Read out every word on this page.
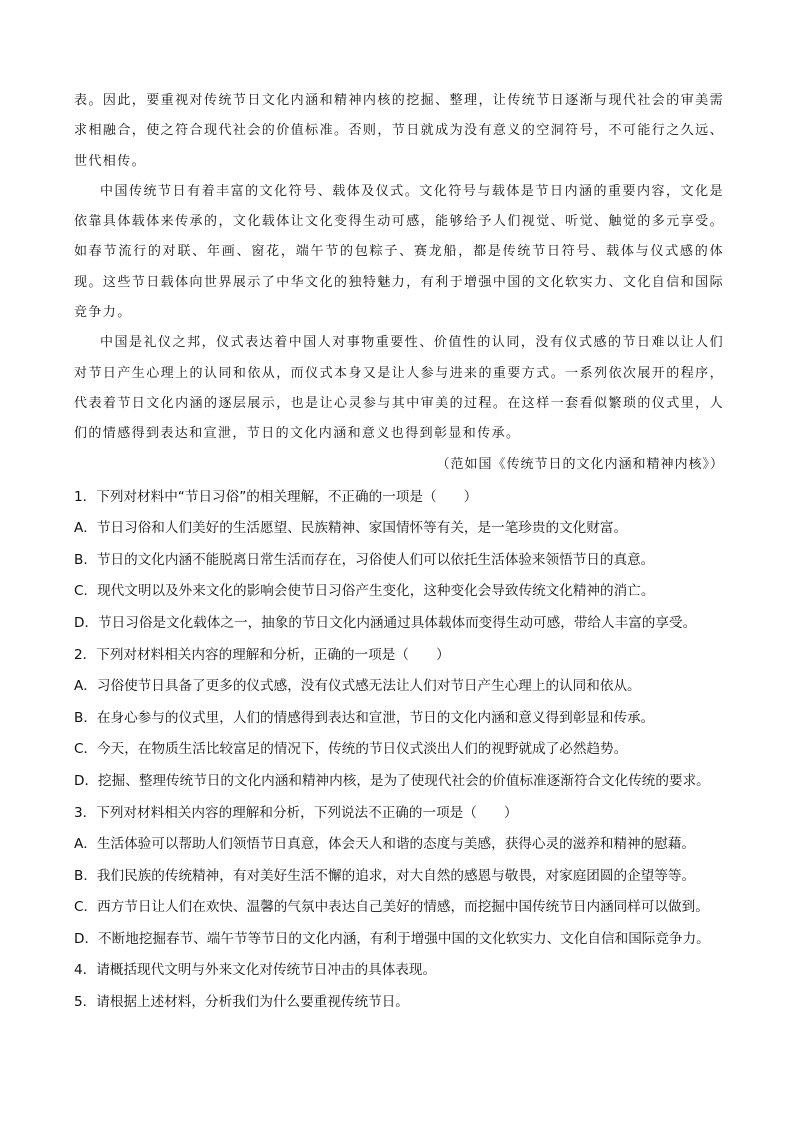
表。因此，要重视对传统节日文化内涵和精神内核的挖掘、整理，让传统节日逐渐与现代社会的审美需求相融合，使之符合现代社会的价值标准。否则，节日就成为没有意义的空洞符号，不可能行之久远、世代相传。

中国传统节日有着丰富的文化符号、载体及仪式。文化符号与载体是节日内涵的重要内容，文化是依靠具体载体来传承的，文化载体让文化变得生动可感，能够给予人们视觉、听觉、触觉的多元享受。如春节流行的对联、年画、窗花，端午节的包粽子、赛龙船，都是传统节日符号、载体与仪式感的体现。这些节日载体向世界展示了中华文化的独特魅力，有利于增强中国的文化软实力、文化自信和国际竞争力。

中国是礼仪之邦，仪式表达着中国人对事物重要性、价值性的认同，没有仪式感的节日难以让人们对节日产生心理上的认同和依从，而仪式本身又是让人参与进来的重要方式。一系列依次展开的程序，代表着节日文化内涵的逐层展示，也是让心灵参与其中审美的过程。在这样一套看似繁琐的仪式里，人们的情感得到表达和宣泄，节日的文化内涵和意义也得到彰显和传承。

（范如国《传统节日的文化内涵和精神内核》）

1．下列对材料中“节日习俗”的相关理解，不正确的一项是（　　）

A．节日习俗和人们美好的生活愿望、民族精神、家国情怀等有关，是一笔珍贵的文化财富。

B．节日的文化内涵不能脱离日常生活而存在，习俗使人们可以依托生活体验来领悟节日的真意。

C．现代文明以及外来文化的影响会使节日习俗产生变化，这种变化会导致传统文化精神的消亡。

D．节日习俗是文化载体之一，抽象的节日文化内涵通过具体载体而变得生动可感，带给人丰富的享受。

2．下列对材料相关内容的理解和分析，正确的一项是（　　）

A．习俗使节日具备了更多的仪式感，没有仪式感无法让人们对节日产生心理上的认同和依从。

B．在身心参与的仪式里，人们的情感得到表达和宣泄，节日的文化内涵和意义得到彰显和传承。

C．今天，在物质生活比较富足的情况下，传统的节日仪式淡出人们的视野就成了必然趋势。

D．挖掘、整理传统节日的文化内涵和精神内核，是为了使现代社会的价值标准逐渐符合文化传统的要求。

3．下列对材料相关内容的理解和分析，下列说法不正确的一项是（　　）

A．生活体验可以帮助人们领悟节日真意，体会天人和谐的态度与美感，获得心灵的滋养和精神的慰藉。

B．我们民族的传统精神，有对美好生活不懈的追求，对大自然的感恩与敬畏，对家庭团圆的企望等等。

C．西方节日让人们在欢快、温馨的气氛中表达自己美好的情感，而挖掘中国传统节日内涵同样可以做到。

D．不断地挖掘春节、端午节等节日的文化内涵，有利于增强中国的文化软实力、文化自信和国际竞争力。

4．请概括现代文明与外来文化对传统节日冲击的具体表现。

5．请根据上述材料，分析我们为什么要重视传统节日。
